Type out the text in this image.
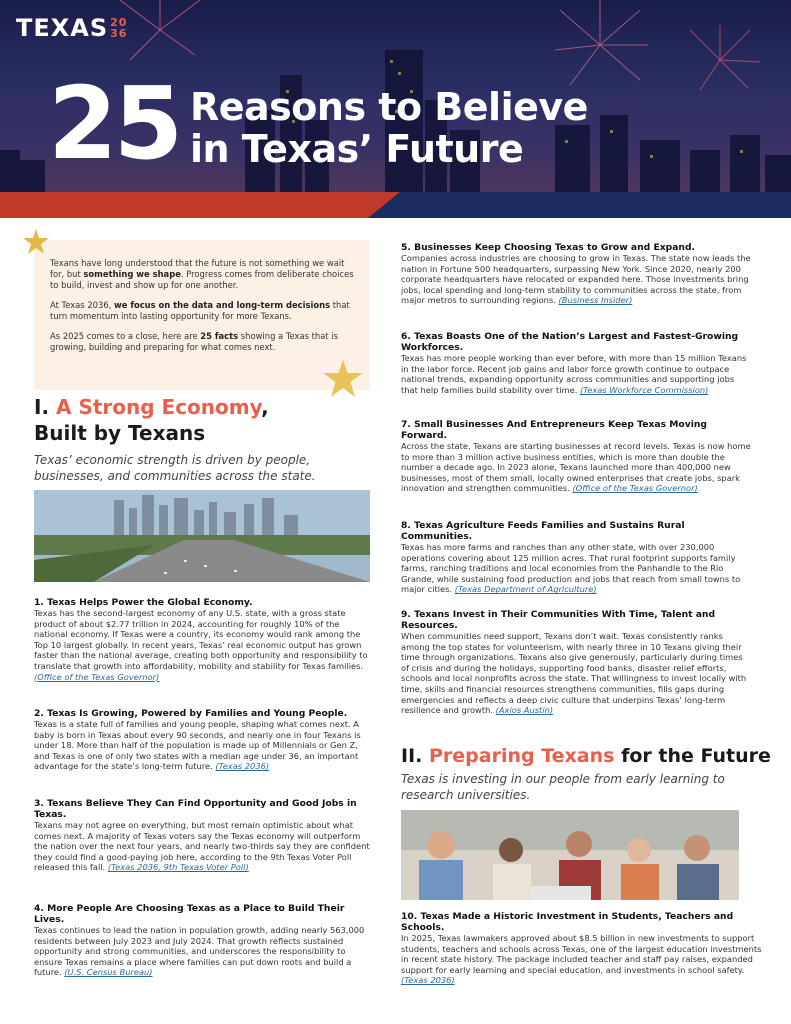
TEXAS 20
36
25 Reasons to Believe
in Texas’ Future

Texans have long understood that the future is not something we wait for, but something we shape. Progress comes from deliberate choices to build, invest and show up for one another.

At Texas 2036, we focus on the data and long-term decisions that turn momentum into lasting opportunity for more Texans.

As 2025 comes to a close, here are 25 facts showing a Texas that is growing, building and preparing for what comes next.

I. A Strong Economy,
Built by Texans
Texas’ economic strength is driven by people, businesses, and communities across the state.
1. Texas Helps Power the Global Economy.

Texas has the second-largest economy of any U.S. state, with a gross state product of about $2.77 trillion in 2024, accounting for roughly 10% of the national economy. If Texas were a country, its economy would rank among the Top 10 largest globally. In recent years, Texas’ real economic output has grown faster than the national average, creating both opportunity and responsibility to translate that growth into affordability, mobility and stability for Texas families. (Office of the Texas Governor)

2. Texas Is Growing, Powered by Families and Young People.

Texas is a state full of families and young people, shaping what comes next. A baby is born in Texas about every 90 seconds, and nearly one in four Texans is under 18. More than half of the population is made up of Millennials or Gen Z, and Texas is one of only two states with a median age under 36, an important advantage for the state’s long-term future. (Texas 2036)

3. Texans Believe They Can Find Opportunity and Good Jobs in Texas.

Texans may not agree on everything, but most remain optimistic about what comes next. A majority of Texas voters say the Texas economy will outperform the nation over the next four years, and nearly two-thirds say they are confident they could find a good-paying job here, according to the 9th Texas Voter Poll released this fall. (Texas 2036, 9th Texas Voter Poll)

4. More People Are Choosing Texas as a Place to Build Their Lives.

Texas continues to lead the nation in population growth, adding nearly 563,000 residents between July 2023 and July 2024. That growth reflects sustained opportunity and strong communities, and underscores the responsibility to ensure Texas remains a place where families can put down roots and build a future. (U.S. Census Bureau)

5. Businesses Keep Choosing Texas to Grow and Expand.

Companies across industries are choosing to grow in Texas. The state now leads the nation in Fortune 500 headquarters, surpassing New York. Since 2020, nearly 200 corporate headquarters have relocated or expanded here. Those investments bring jobs, local spending and long-term stability to communities across the state, from major metros to surrounding regions. (Business Insider)

6. Texas Boasts One of the Nation’s Largest and Fastest-Growing Workforces.

Texas has more people working than ever before, with more than 15 million Texans in the labor force. Recent job gains and labor force growth continue to outpace national trends, expanding opportunity across communities and supporting jobs that help families build stability over time. (Texas Workforce Commission)

7. Small Businesses And Entrepreneurs Keep Texas Moving Forward.

Across the state, Texans are starting businesses at record levels. Texas is now home to more than 3 million active business entities, which is more than double the number a decade ago. In 2023 alone, Texans launched more than 400,000 new businesses, most of them small, locally owned enterprises that create jobs, spark innovation and strengthen communities. (Office of the Texas Governor)

8. Texas Agriculture Feeds Families and Sustains Rural Communities.

Texas has more farms and ranches than any other state, with over 230,000 operations covering about 125 million acres. That rural footprint supports family farms, ranching traditions and local economies from the Panhandle to the Rio Grande, while sustaining food production and jobs that reach from small towns to major cities. (Texas Department of Agriculture)

9. Texans Invest in Their Communities With Time, Talent and Resources.

When communities need support, Texans don’t wait. Texas consistently ranks among the top states for volunteerism, with nearly three in 10 Texans giving their time through organizations. Texans also give generously, particularly during times of crisis and during the holidays, supporting food banks, disaster relief efforts, schools and local nonprofits across the state. That willingness to invest locally with time, skills and financial resources strengthens communities, fills gaps during emergencies and reflects a deep civic culture that underpins Texas’ long-term resilience and growth. (Axios Austin)

II. Preparing Texans for the Future
Texas is investing in our people from early learning to research universities.
10. Texas Made a Historic Investment in Students, Teachers and Schools.

In 2025, Texas lawmakers approved about $8.5 billion in new investments to support students, teachers and schools across Texas, one of the largest education investments in recent state history. The package included teacher and staff pay raises, expanded support for early learning and special education, and investments in school safety. (Texas 2036)
